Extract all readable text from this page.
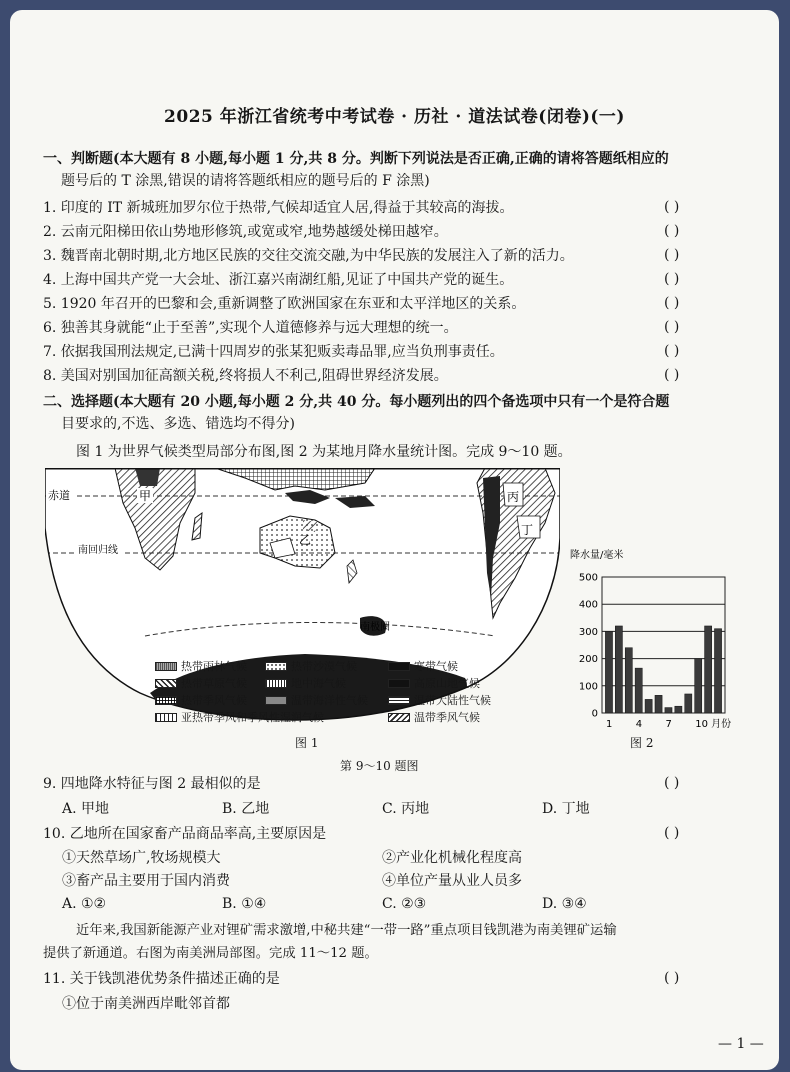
2025 年浙江省统考中考试卷 · 历社 · 道法试卷(闭卷)(一)
一、判断题(本大题有 8 小题,每小题 1 分,共 8 分。判断下列说法是否正确,正确的请将答题纸相应的
题号后的 T 涂黑,错误的请将答题纸相应的题号后的 F 涂黑)
1. 印度的 IT 新城班加罗尔位于热带,气候却适宜人居,得益于其较高的海拔。	( )
2. 云南元阳梯田依山势地形修筑,或宽或窄,地势越缓处梯田越窄。	( )
3. 魏晋南北朝时期,北方地区民族的交往交流交融,为中华民族的发展注入了新的活力。	( )
4. 上海中国共产党一大会址、浙江嘉兴南湖红船,见证了中国共产党的诞生。	( )
5. 1920 年召开的巴黎和会,重新调整了欧洲国家在东亚和太平洋地区的关系。	( )
6. 独善其身就能“止于至善”,实现个人道德修养与远大理想的统一。	( )
7. 依据我国刑法规定,已满十四周岁的张某犯贩卖毒品罪,应当负刑事责任。	( )
8. 美国对别国加征高额关税,终将损人不利己,阻碍世界经济发展。	( )
二、选择题(本大题有 20 小题,每小题 2 分,共 40 分。每小题列出的四个备选项中只有一个是符合题
目要求的,不选、多选、错选均不得分)
图 1 为世界气候类型局部分布图,图 2 为某地月降水量统计图。完成 9～10 题。
赤道
南回归线
南极圈
甲
乙
丙
丁
热带雨林气候	热带沙漠气候	寒带气候
热带草原气候	地中海气候	高原山地气候
热带季风气候	温带海洋性气候	温带大陆性气候
亚热带季风和季风性湿润气候	温带季风气候
图 1
降水量/毫米
0
100
200
300
400
500
1 4 7 10 月份
图 2
第 9～10 题图
9. 四地降水特征与图 2 最相似的是	( )
A. 甲地	B. 乙地	C. 丙地	D. 丁地
10. 乙地所在国家畜产品商品率高,主要原因是	( )
①天然草场广,牧场规模大	②产业化机械化程度高
③畜产品主要用于国内消费	④单位产量从业人员多
A. ①②	B. ①④	C. ②③	D. ③④
近年来,我国新能源产业对锂矿需求激增,中秘共建“一带一路”重点项目钱凯港为南美锂矿运输
提供了新通道。右图为南美洲局部图。完成 11～12 题。
11. 关于钱凯港优势条件描述正确的是	( )
①位于南美洲西岸毗邻首都
— 1 —
